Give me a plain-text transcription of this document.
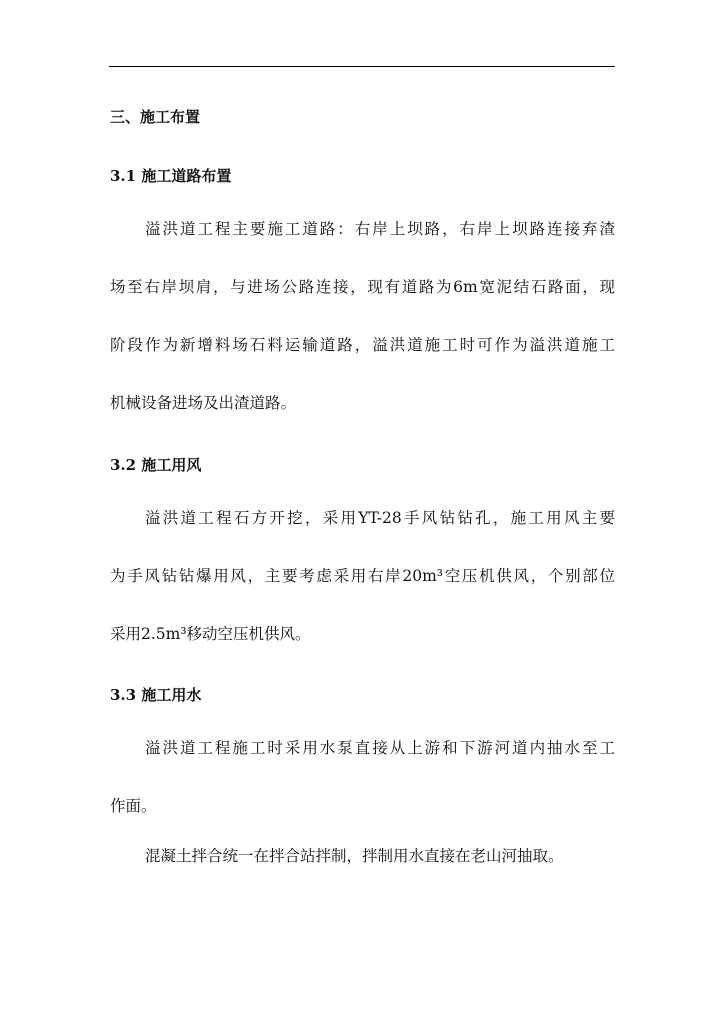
三、施工布置
3.1 施工道路布置
溢洪道工程主要施工道路：右岸上坝路，右岸上坝路连接弃渣
场至右岸坝肩，与进场公路连接，现有道路为6m宽泥结石路面，现
阶段作为新增料场石料运输道路，溢洪道施工时可作为溢洪道施工
机械设备进场及出渣道路。
3.2 施工用风
溢洪道工程石方开挖，采用YT-28手风钻钻孔，施工用风主要
为手风钻钻爆用风，主要考虑采用右岸20m³空压机供风，个别部位
采用2.5m³移动空压机供风。
3.3 施工用水
溢洪道工程施工时采用水泵直接从上游和下游河道内抽水至工
作面。
混凝土拌合统一在拌合站拌制，拌制用水直接在老山河抽取。
